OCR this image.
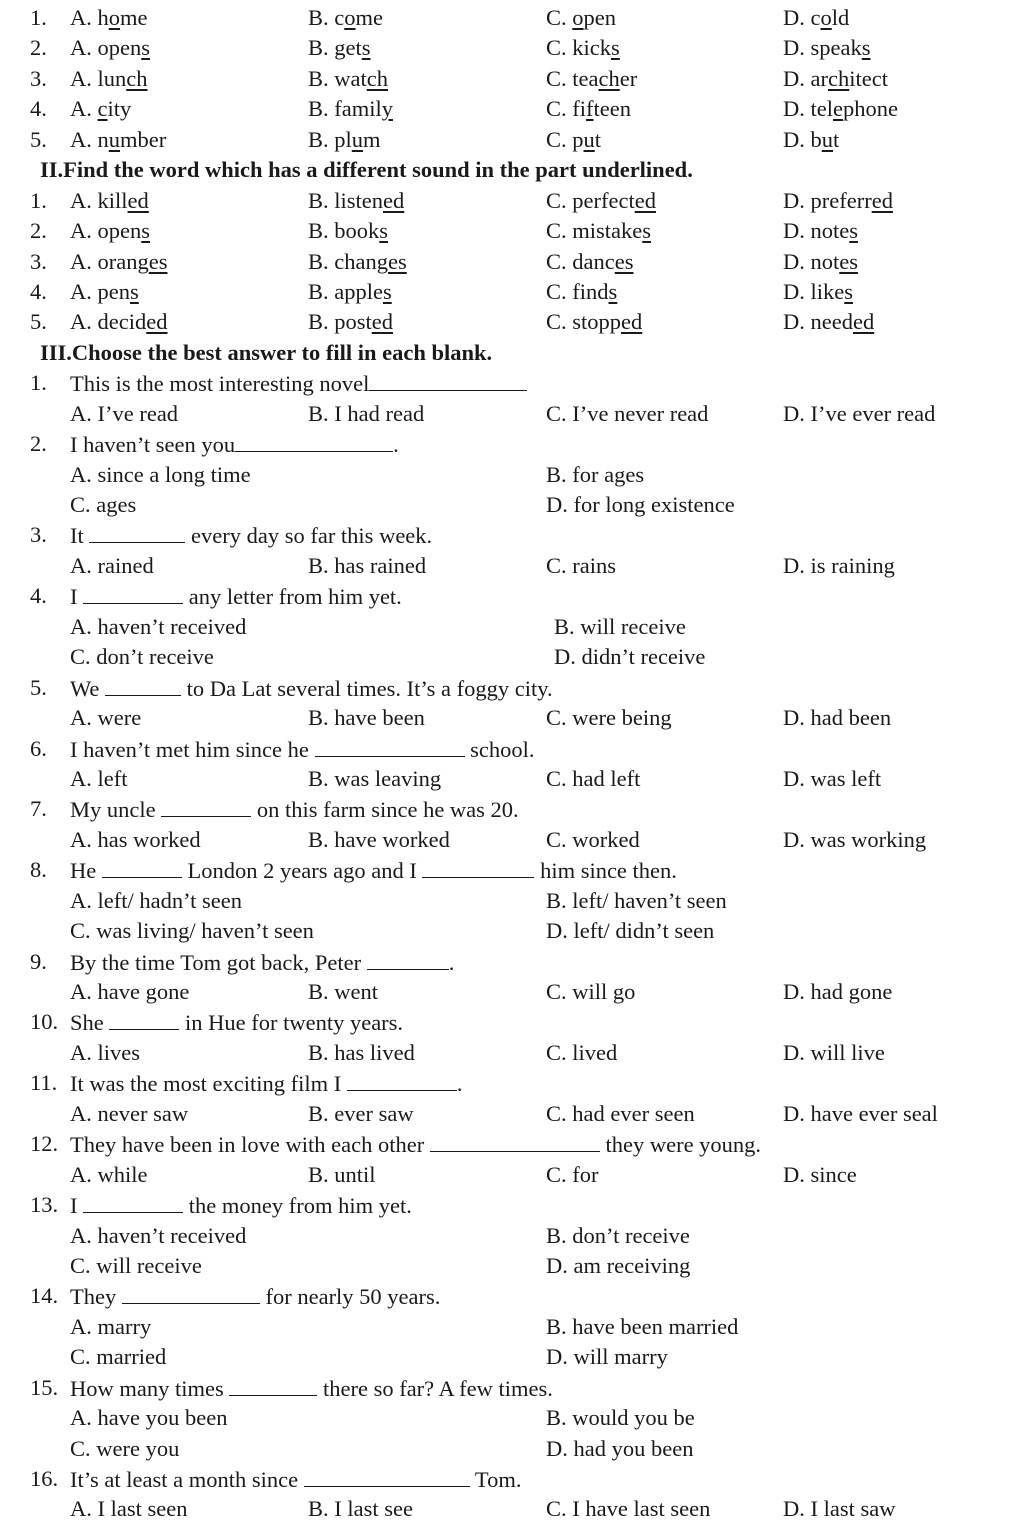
1. A. home	B. come	C. open	D. cold
2. A. opens	B. gets	C. kicks	D. speaks
3. A. lunch	B. watch	C. teacher	D. architect
4. A. city	B. family	C. fifteen	D. telephone
5. A. number	B. plum	C. put	D. but
II.Find the word which has a different sound in the part underlined.
1. A. killed	B. listened	C. perfected	D. preferred
2. A. opens	B. books	C. mistakes	D. notes
3. A. oranges	B. changes	C. dances	D. notes
4. A. pens	B. apples	C. finds	D. likes
5. A. decided	B. posted	C. stopped	D. needed
III.Choose the best answer to fill in each blank.
1. This is the most interesting novel
A. I’ve read	B. I had read	C. I’ve never read	D. I’ve ever read
2. I haven’t seen you	.
A. since a long time	B. for ages
C. ages	D. for long existence
3. It	every day so far this week.
A. rained	B. has rained	C. rains	D. is raining
4. I	any letter from him yet.
A. haven’t received	B. will receive
C. don’t receive	D. didn’t receive
5. We	to Da Lat several times. It’s a foggy city.
A. were	B. have been	C. were being	D. had been
6. I haven’t met him since he	school.
A. left	B. was leaving	C. had left	D. was left
7. My uncle	on this farm since he was 20.
A. has worked	B. have worked	C. worked	D. was working
8. He	London 2 years ago and I	him since then.
A. left/ hadn’t seen	B. left/ haven’t seen
C. was living/ haven’t seen	D. left/ didn’t seen
9. By the time Tom got back, Peter	.
A. have gone	B. went	C. will go	D. had gone
10. She	in Hue for twenty years.
A. lives	B. has lived	C. lived	D. will live
11. It was the most exciting film I	.
A. never saw	B. ever saw	C. had ever seen	D. have ever seal
12. They have been in love with each other	they were young.
A. while	B. until	C. for	D. since
13. I	the money from him yet.
A. haven’t received	B. don’t receive
C. will receive	D. am receiving
14. They	for nearly 50 years.
A. marry	B. have been married
C. married	D. will marry
15. How many times	there so far? A few times.
A. have you been	B. would you be
C. were you	D. had you been
16. It’s at least a month since	Tom.
A. I last seen	B. I last see	C. I have last seen	D. I last saw
